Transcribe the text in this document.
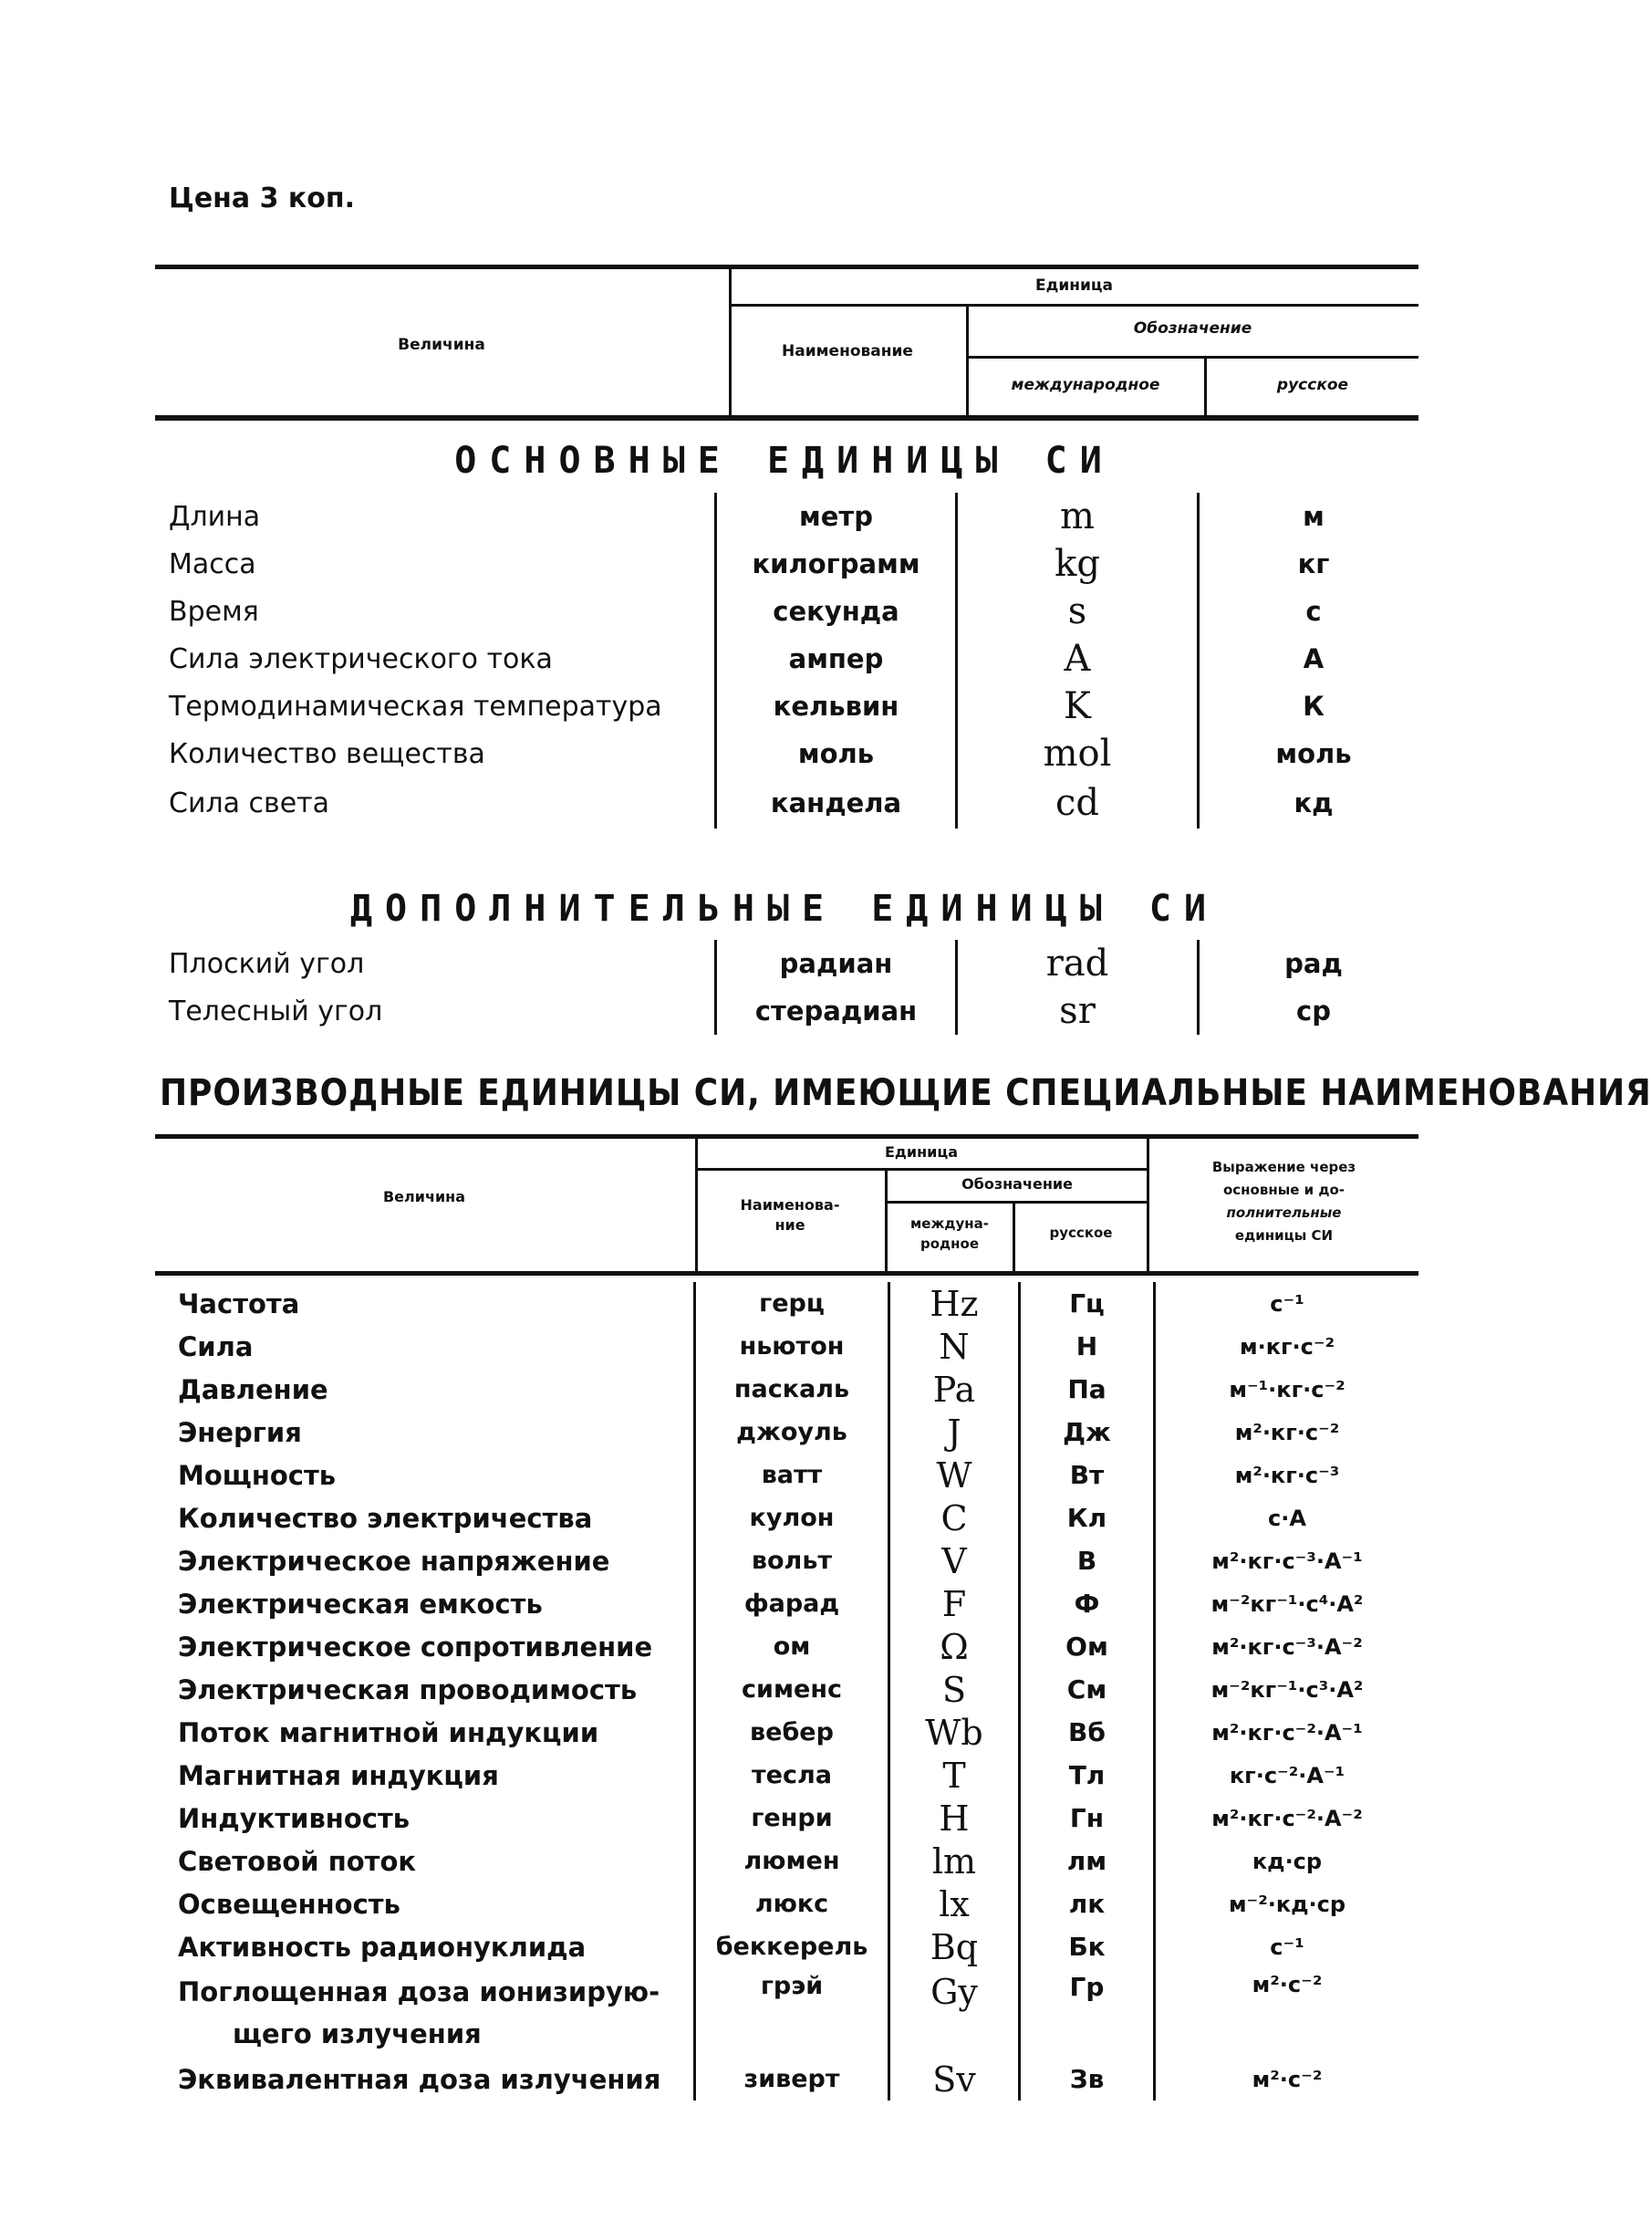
Цена 3 коп.
Величина
Единица
Наименование
Обозначение
международное	русское
ОСНОВНЫЕ ЕДИНИЦЫ СИ
Длина	метр	m	м
Масса	килограмм	kg	кг
Время	секунда	s	с
Сила электрического тока	ампер	A	А
Термодинамическая температура	кельвин	K	К
Количество вещества	моль	mol	моль
Сила света	кандела	cd	кд
ДОПОЛНИТЕЛЬНЫЕ ЕДИНИЦЫ СИ
Плоский угол	радиан	rad	рад
Телесный угол	стерадиан	sr	ср
ПРОИЗВОДНЫЕ ЕДИНИЦЫ СИ, ИМЕЮЩИЕ СПЕЦИАЛЬНЫЕ НАИМЕНОВАНИЯ
Величина
Единица
Наименова-
ние
Обозначение
междуна-
родное
русское
Выражение через
основные и до-
полнительные
единицы СИ
Частота	герц	Hz	Гц	с⁻¹
Сила	ньютон	N	Н	м·кг·с⁻²
Давление	паскаль	Pa	Па	м⁻¹·кг·с⁻²
Энергия	джоуль	J	Дж	м²·кг·с⁻²
Мощность	ватт	W	Вт	м²·кг·с⁻³
Количество электричества	кулон	C	Кл	с·А
Электрическое напряжение	вольт	V	В	м²·кг·с⁻³·А⁻¹
Электрическая емкость	фарад	F	Ф	м⁻²кг⁻¹·с⁴·А²
Электрическое сопротивление	ом	Ω	Ом	м²·кг·с⁻³·А⁻²
Электрическая проводимость	сименс	S	См	м⁻²кг⁻¹·с³·А²
Поток магнитной индукции	вебер	Wb	Вб	м²·кг·с⁻²·А⁻¹
Магнитная индукция	тесла	T	Тл	кг·с⁻²·А⁻¹
Индуктивность	генри	H	Гн	м²·кг·с⁻²·А⁻²
Световой поток	люмен	lm	лм	кд·ср
Освещенность	люкс	lx	лк	м⁻²·кд·ср
Активность радионуклида	беккерель	Bq	Бк	с⁻¹

Поглощенная доза ионизирую-
щего излучения	грэй	Gy	Гр	м²·с⁻²
Эквивалентная доза излучения	зиверт	Sv	Зв	м²·с⁻²
